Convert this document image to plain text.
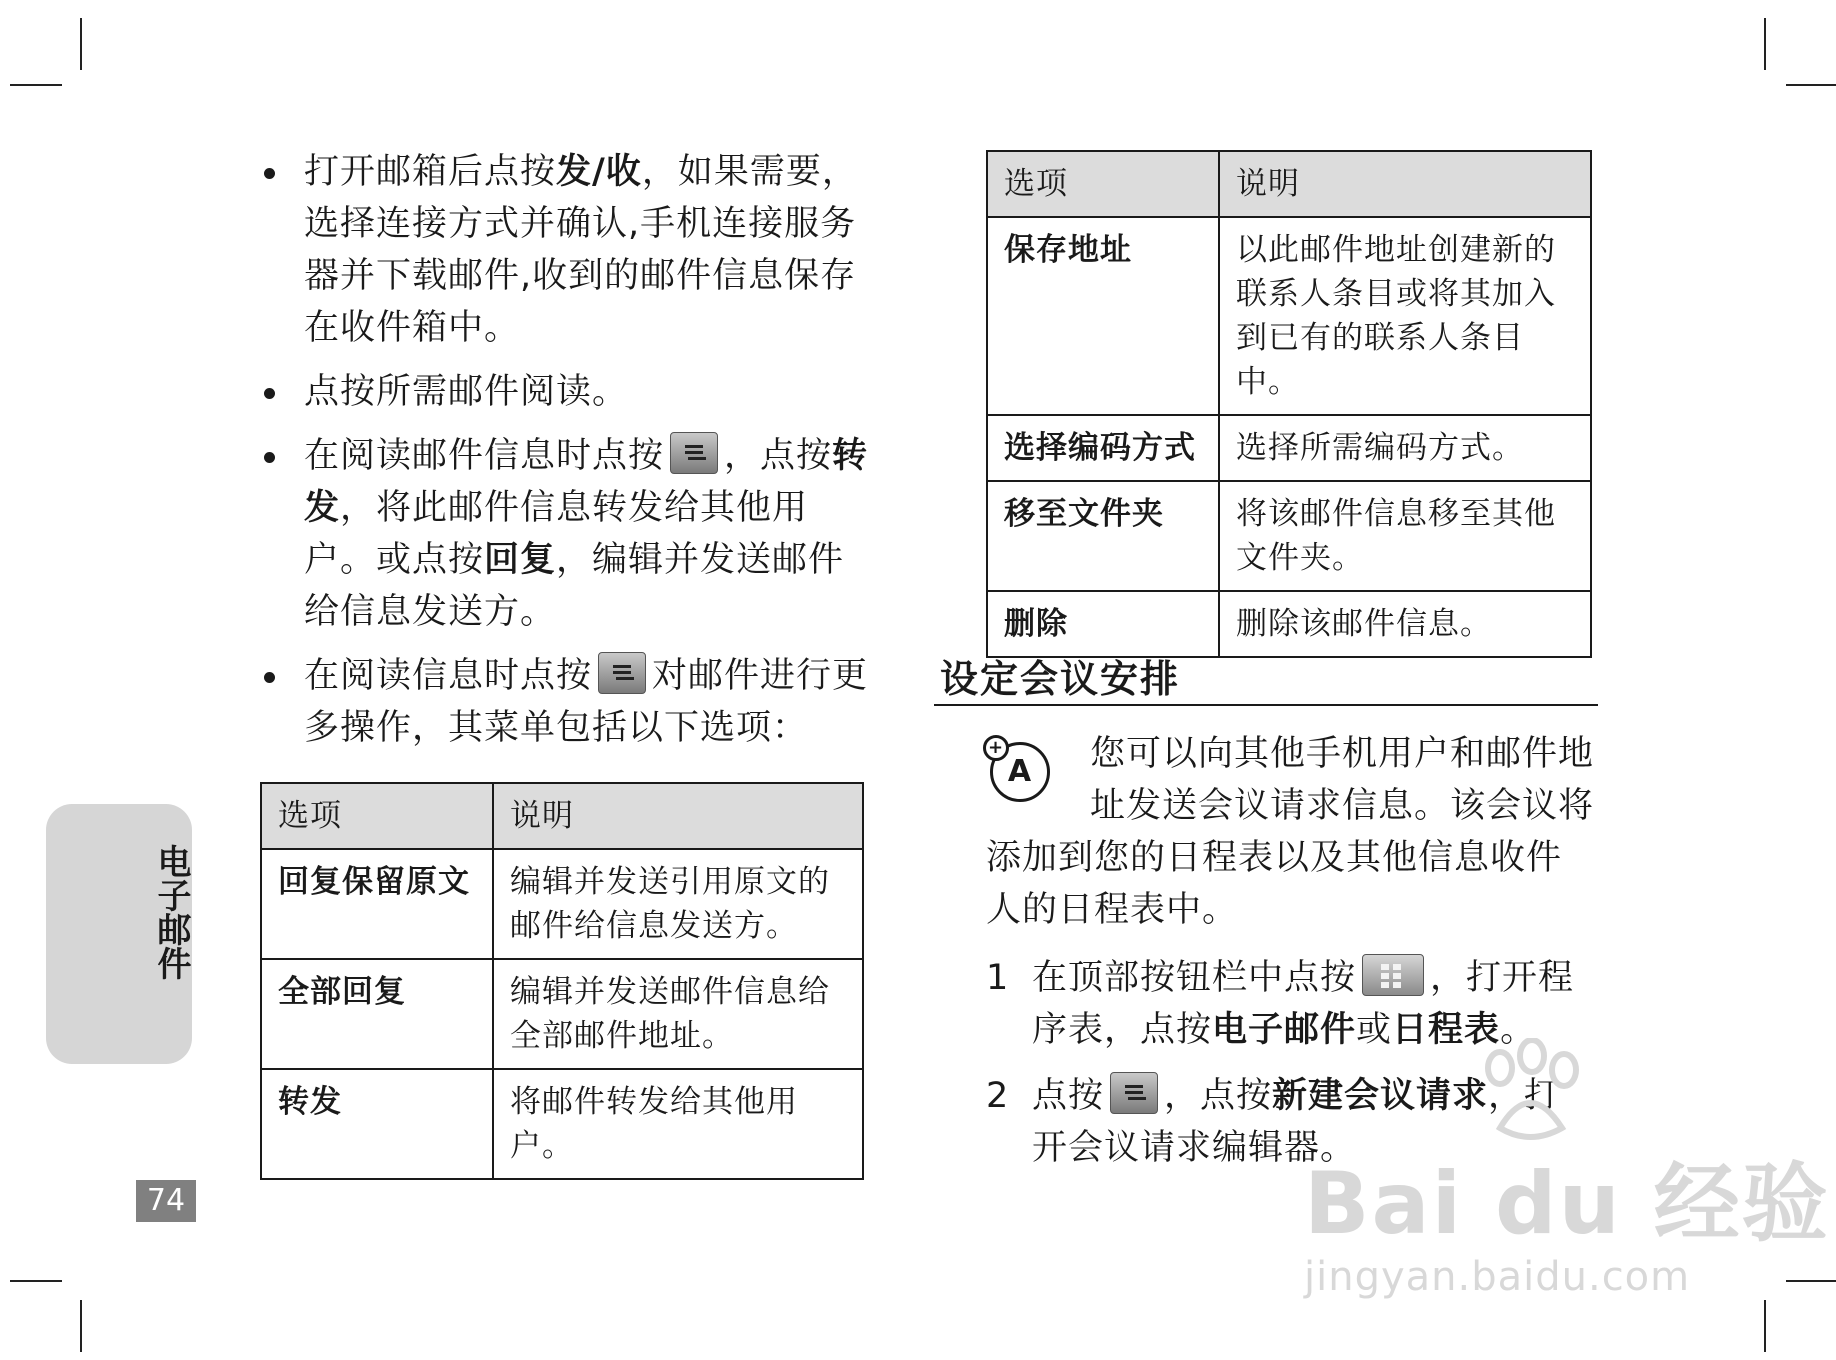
打开邮箱后点按发/收，如果需要，选择连接方式并确认,手机连接服务器并下载邮件,收到的邮件信息保存在收件箱中。
点按所需邮件阅读。
在阅读邮件信息时点按 ，点按转发，将此邮件信息转发给其他用户。或点按回复，编辑并发送邮件给信息发送方。
在阅读信息时点按 对邮件进行更多操作，其菜单包括以下选项：
选项	说明
回复保留原文	编辑并发送引用原文的邮件给信息发送方。
全部回复	编辑并发送邮件信息给全部邮件地址。
转发	将邮件转发给其他用户。
选项	说明
保存地址	以此邮件地址创建新的联系人条目或将其加入到已有的联系人条目中。
选择编码方式	选择所需编码方式。
移至文件夹	将该邮件信息移至其他文件夹。
删除	删除该邮件信息。
设定会议安排
A
+ 您可以向其他手机用户和邮件地址发送会议请求信息。该会议将添加到您的日程表以及其他信息收件人的日程表中。
1 在顶部按钮栏中点按 ，打开程序表，点按电子邮件或日程表。
2 点按 ，点按新建会议请求，打开会议请求编辑器。
电子邮件
74	Bai du 经验
jingyan.baidu.com
